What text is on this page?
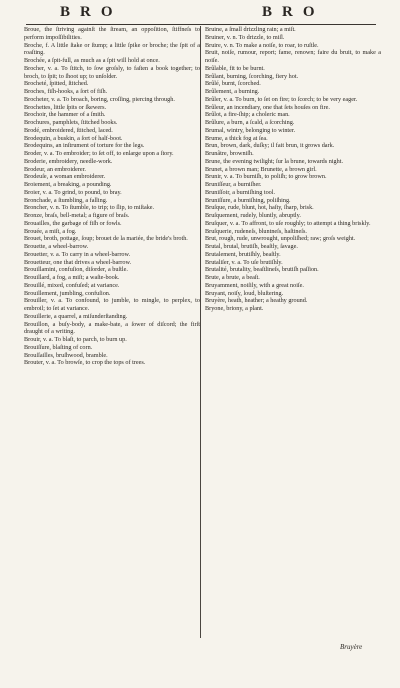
BRO	BRO

Broue, the ſtriving againſt the ſtream, an oppoſition, ſtiffneſs to perform impoſſibilities.

Broche, f. A little ſtake or ſtump; a little ſpike or broche; the ſpit of a roaſting.

Brochée, a ſpit-full, as much as a ſpit will hold at once.

Brocher, v. a. To ſtitch, to ſow groſsly, to faſten a book together; to broch, to ſpit; to ſhoot up; to unſolder.

Brocheté, ſpitted, ſtitched.

Broches, fiſh-hooks, a ſort of fiſh.

Brocheter, v. a. To broach, boring, croſſing, piercing through.

Brochettes, little ſpits or ſkewers.

Brochoir, the hammer of a ſmith.

Brochures, pamphlets, ſtitched books.

Brodé, embroidered, ſtitched, laced.

Brodequin, a buskin, a ſort of half-boot.

Brodequins, an inſtrument of torture for the legs.

Broder, v. a. To embroider; to ſet off, to enlarge upon a ſtory.

Broderie, embroidery, needle-work.

Brodeur, an embroiderer.

Brodeuſe, a woman embroiderer.

Broiement, a breaking, a pounding.

Broier, v. a. To grind, to pound, to bray.

Bronchade, a ſtumbling, a falling.

Broncher, v. n. To ſtumble, to trip; to ſlip, to miſtake.

Bronze, braſs, bell-metal; a figure of braſs.

Brouailles, the garbage of fiſh or fowls.

Brouée, a miſt, a fog.

Brouet, broth, pottage, ſoup; brouet de la mariée, the bride's broth.

Brouette, a wheel-barrow.

Brouetter, v. a. To carry in a wheel-barrow.

Brouetteur, one that drives a wheel-barrow.

Brouillamini, confuſion, diſorder, a buſtle.

Brouillard, a fog, a miſt; a waſte-book.

Brouillé, mixed, confuſed; at variance.

Brouillement, jumbling, confuſion.

Brouiller, v. a. To confound, to jumble, to mingle, to perplex, to embroil; to ſet at variance.

Brouillerie, a quarrel, a miſunderſtanding.

Brouillon, a buſy-body, a make-bate, a ſower of diſcord; the firſt draught of a writing.

Brouir, v. a. To blaſt, to parch, to burn up.

Brouiſſure, blaſting of corn.

Brouſſailles, bruſhwood, bramble.

Brouter, v. a. To browſe, to crop the tops of trees.

Bruine, a ſmall drizzling rain; a miſt.

Bruiner, v. n. To drizzle, to miſl.

Bruire, v. n. To make a noiſe, to roar, to ruſtle.

Bruit, noiſe, rumour, report; fame, renown; faire du bruit, to make a noiſe.

Brûlable, fit to be burnt.

Brûlant, burning, ſcorching, fiery hot.

Brûlé, burnt, ſcorched.

Brûlement, a burning.

Brûler, v. a. To burn, to ſet on fire; to ſcorch; to be very eager.

Brûleur, an incendiary, one that ſets houſes on fire.

Brûlot, a fire-ſhip; a choleric man.

Brûlure, a burn, a ſcald, a ſcorching.

Brumal, wintry, belonging to winter.

Brume, a thick fog at ſea.

Brun, brown, dark, duſky; il fait brun, it grows dark.

Brunâtre, browniſh.

Brune, the evening twilight; ſur la brune, towards night.

Brunet, a brown man; Brunette, a brown girl.

Brunir, v. a. To burniſh, to poliſh; to grow brown.

Bruniſſeur, a burniſher.

Bruniſſoir, a burniſhing tool.

Bruniſſure, a burniſhing, poliſhing.

Bruſque, rude, blunt, hot, haſty, ſharp, brisk.

Bruſquement, rudely, bluntly, abruptly.

Bruſquer, v. a. To affront, to uſe roughly; to attempt a thing briskly.

Bruſquerie, rudeneſs, bluntneſs, haſtineſs.

Brut, rough, rude, unwrought, unpoliſhed; raw; groſs weight.

Brutal, brutal, brutiſh, beaſtly, ſavage.

Brutalement, brutiſhly, beaſtly.

Brutaliſer, v. a. To uſe brutiſhly.

Brutalité, brutality, beaſtlineſs, brutiſh paſſion.

Brute, a brute, a beaſt.

Bruyamment, noiſily, with a great noiſe.

Bruyant, noiſy, loud, bluſtering.

Bruyère, heath, heather; a heathy ground.

Bryone, briony, a plant.

Bruyère
